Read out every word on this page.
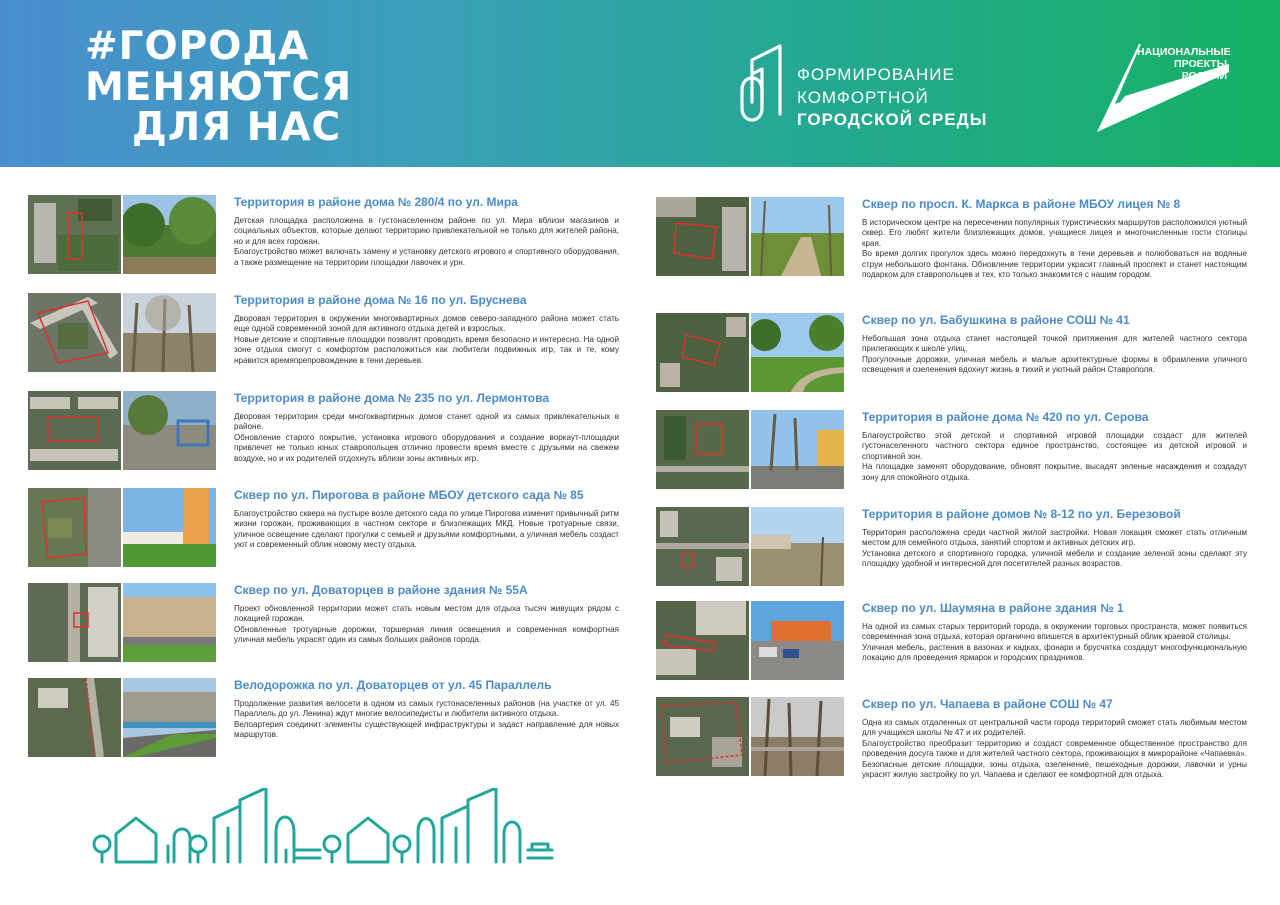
#ГОРОДА
МЕНЯЮТСЯ
ДЛЯ НАС
ФОРМИРОВАНИЕ
КОМФОРТНОЙ
ГОРОДСКОЙ СРЕДЫ
НАЦИОНАЛЬНЫЕ
ПРОЕКТЫ
РОССИИ
Территория в районе дома № 280/4 по ул. Мира
Детская площадка расположена в густонаселенном районе по ул. Мира вблизи магазинов и социальных объектов, которые делают территорию привлекательной не только для жителей района, но и для всех горожан.
Благоустройство может включать замену и установку детского игрового и спортивного оборудования, а также размещение на территории площадки лавочек и урн.
Территория в районе дома № 16 по ул. Бруснева
Дворовая территория в окружении многоквартирных домов северо-западного района может стать еще одной современной зоной для активного отдыха детей и взрослых.
Новые детские и спортивные площадки позволят проводить время безопасно и интересно. На одной зоне отдыха смогут с комфортом расположиться как любители подвижных игр, так и те, кому нравится времяпрепровождение в тени деревьев.
Территория в районе дома № 235 по ул. Лермонтова
Дворовая территория среди многоквартирных домов станет одной из самых привлекательных в районе.
Обновление старого покрытие, установка игрового оборудования и создание воркаут-площадки привлечет не только юных ставропольцев отлично провести время вместе с друзьями на свежем воздухе, но и их родителей отдохнуть вблизи зоны активных игр.
Сквер по ул. Пирогова в районе МБОУ детского сада № 85
Благоустройство сквера на пустыре возле детского сада по улице Пирогова изменит привычный ритм жизни горожан, проживающих в частном секторе и близлежащих МКД. Новые тротуарные связи, уличное освещение сделают прогулки с семьей и друзьями комфортными, а уличная мебель создаст уют и современный облик новому месту отдыха.
Сквер по ул. Доваторцев в районе здания № 55А
Проект обновленной территории может стать новым местом для отдыха тысяч живущих рядом с локацией горожан.
Обновленные тротуарные дорожки, торшерная линия освещения и современная комфортная уличная мебель украсят один из самых больших районов города.
Велодорожка по ул. Доваторцев от ул. 45 Параллель
Продолжение развития велосети в одном из самых густонаселенных районов (на участке от ул. 45 Параллель до ул. Ленина) ждут многие велосипедисты и любители активного отдыха.
Велоартерия соединит элементы существующей инфраструктуры и задаст направление для новых маршрутов.
Сквер по просп. К. Маркса в районе МБОУ лицея № 8
В историческом центре на пересечении популярных туристических маршрутов расположился уютный сквер. Его любят жители близлежащих домов, учащиеся лицея и многочисленные гости столицы края.
Во время долгих прогулок здесь можно передохнуть в тени деревьев и полюбоваться на водяные струи небольшого фонтана. Обновление территории украсит главный проспект и станет настоящим подарком для ставропольцев и тех, кто только знакомится с нашим городом.
Сквер по ул. Бабушкина в районе СОШ № 41
Небольшая зона отдыха станет настоящей точкой притяжения для жителей частного сектора прилегающих к школе улиц.
Прогулочные дорожки, уличная мебель и малые архитектурные формы в обрамлении уличного освещения и озеленения вдохнут жизнь в тихий и уютный район Ставрополя.
Территория в районе дома № 420 по ул. Серова
Благоустройство этой детской и спортивной игровой площадки создаст для жителей густонаселенного частного сектора единое пространство, состоящее из детской игровой и спортивной зон.
На площадке заменят оборудование, обновят покрытие, высадят зеленые насаждения и создадут зону для спокойного отдыха.
Территория в районе домов № 8-12 по ул. Березовой
Территория расположена среди частной жилой застройки. Новая локация сможет стать отличным местом для семейного отдыха, занятий спортом и активных детских игр.
Установка детского и спортивного городка, уличной мебели и создание зеленой зоны сделают эту площадку удобной и интересной для посетителей разных возрастов.
Сквер по ул. Шаумяна в районе здания № 1
На одной из самых старых территорий города, в окружении торговых пространств, может появиться современная зона отдыха, которая органично впишется в архитектурный облик краевой столицы.
Уличная мебель, растения в вазонах и кадках, фонари и брусчатка создадут многофункциональную локацию для проведения ярмарок и городских праздников.
Сквер по ул. Чапаева в районе СОШ № 47
Одна из самых отдаленных от центральной части города территорий сможет стать любимым местом для учащихся школы № 47 и их родителей.
Благоустройство преобразит территорию и создаст современное общественное пространство для проведения досуга также и для жителей частного сектора, проживающих в микрорайоне «Чапаевка». Безопасные детские площадки, зоны отдыха, озеленение, пешеходные дорожки, лавочки и урны украсят жилую застройку по ул. Чапаева и сделают ее комфортной для отдыха.
